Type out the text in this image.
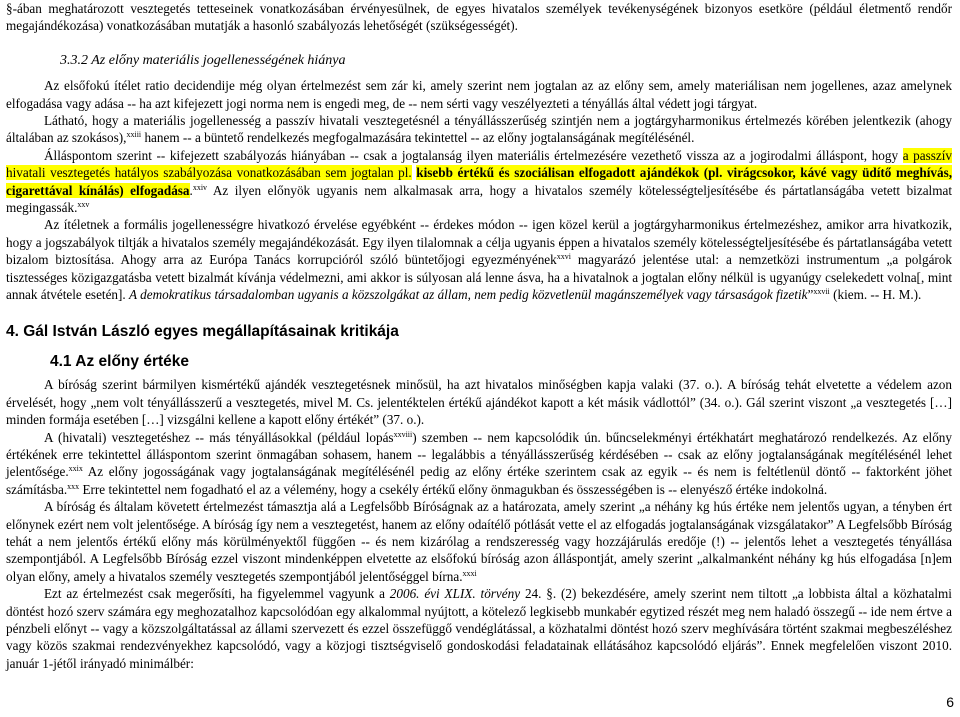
§-ában meghatározott vesztegetés tetteseinek vonatkozásában érvényesülnek, de egyes hivatalos személyek tevékenységének bizonyos esetköre (például életmentő rendőr megajándékozása) vonatkozásában mutatják a hasonló szabályozás lehetőségét (szükségességét).

3.3.2 Az előny materiális jogellenességének hiánya

Az elsőfokú ítélet ratio decidendije még olyan értelmezést sem zár ki, amely szerint nem jogtalan az az előny sem, amely materiálisan nem jogellenes, azaz amelynek elfogadása vagy adása -- ha azt kifejezett jogi norma nem is engedi meg, de -- nem sérti vagy veszélyezteti a tényállás által védett jogi tárgyat.

Látható, hogy a materiális jogellenesség a passzív hivatali vesztegetésnél a tényállásszerűség szintjén nem a jogtárgyharmonikus értelmezés körében jelentkezik (ahogy általában az szokásos),$^{xxiii}$ hanem -- a büntető rendelkezés megfogalmazására tekintettel -- az előny jogtalanságának megítélésénél.

Álláspontom szerint -- kifejezett szabályozás hiányában -- csak a jogtalanság ilyen materiális értelmezésére vezethető vissza az a jogirodalmi álláspont, hogy a passzív hivatali vesztegetés hatályos szabályozása vonatkozásában sem jogtalan pl. kisebb értékű és szociálisan elfogadott ajándékok (pl. virágcsokor, kávé vagy üdítő meghívás, cigarettával kínálás) elfogadása.$^{xxiv}$ Az ilyen előnyök ugyanis nem alkalmasak arra, hogy a hivatalos személy kötelességteljesítésébe és pártatlanságába vetett bizalmat megingassák.$^{xxv}$

Az ítéletnek a formális jogellenességre hivatkozó érvelése egyébként -- érdekes módon -- igen közel kerül a jogtárgyharmonikus értelmezéshez, amikor arra hivatkozik, hogy a jogszabályok tiltják a hivatalos személy megajándékozását. Egy ilyen tilalomnak a célja ugyanis éppen a hivatalos személy kötelességteljesítésébe és pártatlanságába vetett bizalom biztosítása. Ahogy arra az Európa Tanács korrupcióról szóló büntetőjogi egyezményének$^{xxvi}$ magyarázó jelentése utal: a nemzetközi instrumentum „a polgárok tisztességes közigazgatásba vetett bizalmát kívánja védelmezni, ami akkor is súlyosan alá lenne ásva, ha a hivatalnok a jogtalan előny nélkül is ugyanúgy cselekedett volna[, mint annak átvétele esetén]. A demokratikus társadalomban ugyanis a közszolgákat az állam, nem pedig közvetlenül magánszemélyek vagy társaságok fizetik”$^{xxvii}$ (kiem. -- H. M.).

4. Gál István László egyes megállapításainak kritikája
4.1 Az előny értéke

A bíróság szerint bármilyen kismértékű ajándék vesztegetésnek minősül, ha azt hivatalos minőségben kapja valaki (37. o.). A bíróság tehát elvetette a védelem azon érvelését, hogy „nem volt tényállásszerű a vesztegetés, mivel M. Cs. jelentéktelen értékű ajándékot kapott a két másik vádlottól” (34. o.). Gál szerint viszont „a vesztegetés […] minden formája esetében […] vizsgálni kellene a kapott előny értékét” (37. o.).

A (hivatali) vesztegetéshez -- más tényállásokkal (például lopás$^{xxviii}$) szemben -- nem kapcsolódik ún. bűncselekményi értékhatárt meghatározó rendelkezés. Az előny értékének erre tekintettel álláspontom szerint önmagában sohasem, hanem -- legalábbis a tényállásszerűség kérdésében -- csak az előny jogtalanságának megítélésénél lehet jelentősége.$^{xxix}$ Az előny jogosságának vagy jogtalanságának megítélésénél pedig az előny értéke szerintem csak az egyik -- és nem is feltétlenül döntő -- faktorként jöhet számításba.$^{xxx}$ Erre tekintettel nem fogadható el az a vélemény, hogy a csekély értékű előny önmagukban és összességében is -- elenyésző értéke indokolná.

A bíróság és általam követett értelmezést támasztja alá a Legfelsőbb Bíróságnak az a határozata, amely szerint „a néhány kg hús értéke nem jelentős ugyan, a tényben ért előnynek ezért nem volt jelentősége. A bíróság így nem a vesztegetést, hanem az előny odaítélő pótlását vette el az elfogadás jogtalanságának vizsgálatakor” A Legfelsőbb Bíróság tehát a nem jelentős értékű előny más körülményektől függően -- és nem kizárólag a rendszeresség vagy hozzájárulás eredője (!) -- jelentős lehet a vesztegetés tényállása szempontjából. A Legfelsőbb Bíróság ezzel viszont mindenképpen elvetette az elsőfokú bíróság azon álláspontját, amely szerint „alkalmanként néhány kg hús elfogadása [n]em olyan előny, amely a hivatalos személy vesztegetés szempontjából jelentőséggel bírna.$^{xxxi}$

Ezt az értelmezést csak megerősíti, ha figyelemmel vagyunk a 2006. évi XLIX. törvény 24. §. (2) bekezdésére, amely szerint nem tiltott „a lobbista által a közhatalmi döntést hozó szerv számára egy meghozatalhoz kapcsolódóan egy alkalommal nyújtott, a kötelező legkisebb munkabér egytized részét meg nem haladó összegű -- ide nem értve a pénzbeli előnyt -- vagy a közszolgáltatással az állami szervezett és ezzel összefüggő vendéglátással, a közhatalmi döntést hozó szerv meghívására történt szakmai megbeszéléshez vagy közös szakmai rendezvényekhez kapcsolódó, vagy a közjogi tisztségviselő gondoskodási feladatainak ellátásához kapcsolódó eljárás”. Ennek megfelelően viszont 2010. január 1-jétől irányadó minimálbér:

6
